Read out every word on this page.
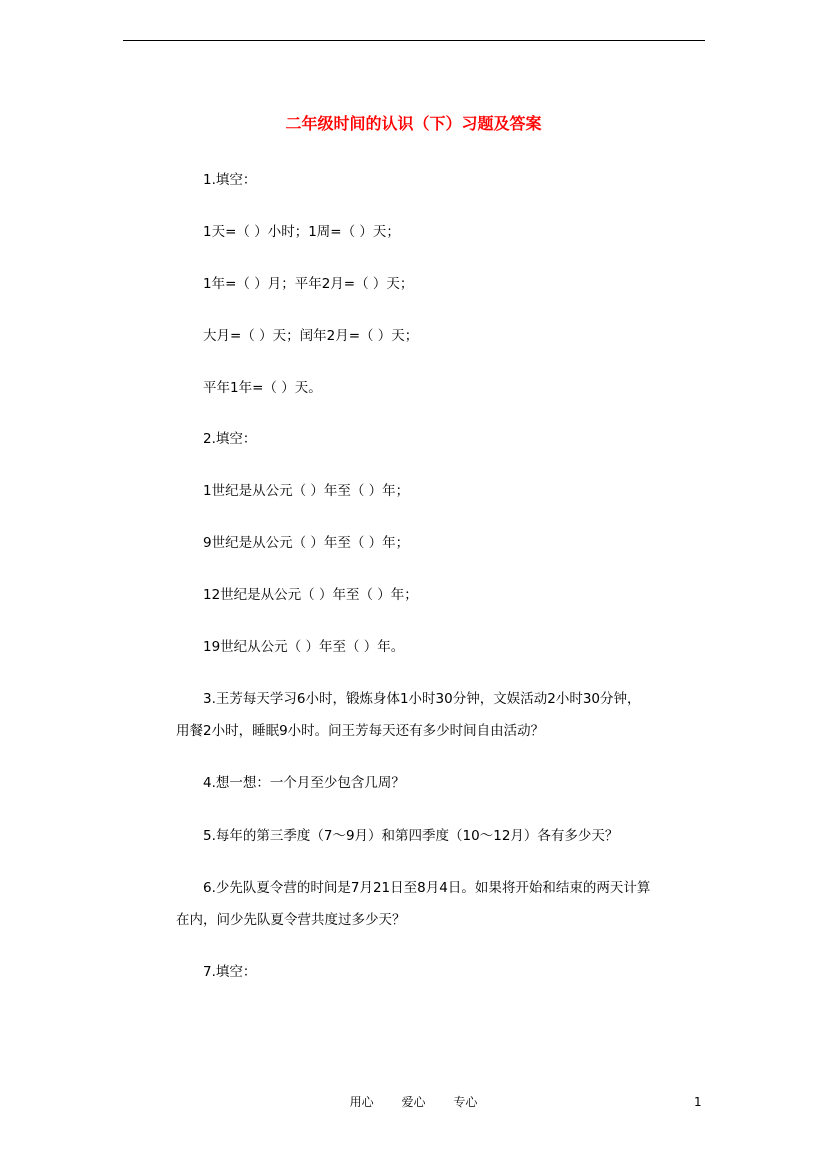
二年级时间的认识（下）习题及答案
1.填空：
1天=（ ）小时；1周=（ ）天；
1年=（ ）月；平年2月=（ ）天；
大月=（ ）天；闰年2月=（ ）天；
平年1年=（ ）天。
2.填空：
1世纪是从公元（ ）年至（ ）年；
9世纪是从公元（ ）年至（ ）年；
12世纪是从公元（ ）年至（ ）年；
19世纪从公元（ ）年至（ ）年。
3.王芳每天学习6小时，锻炼身体1小时30分钟，文娱活动2小时30分钟，
用餐2小时，睡眠9小时。问王芳每天还有多少时间自由活动？
4.想一想：一个月至少包含几周？
5.每年的第三季度（7～9月）和第四季度（10～12月）各有多少天？
6.少先队夏令营的时间是7月21日至8月4日。如果将开始和结束的两天计算
在内，问少先队夏令营共度过多少天？
7.填空：
用心 爱心 专心	1
